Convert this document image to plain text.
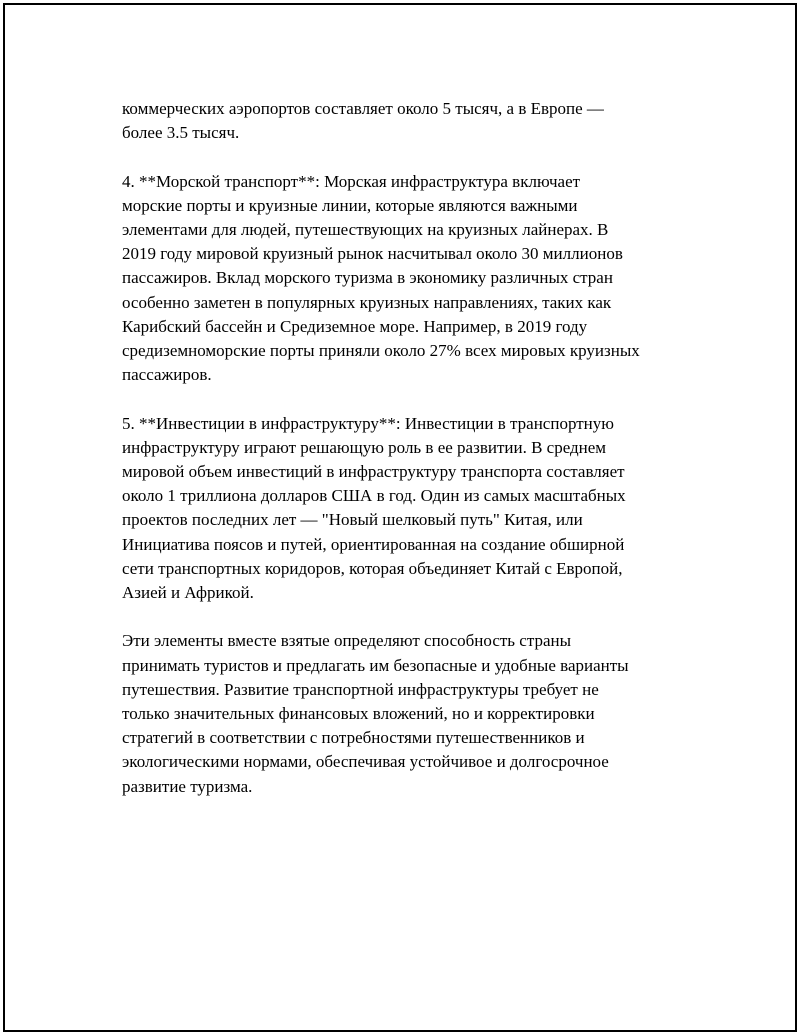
коммерческих аэропортов составляет около 5 тысяч, а в Европе —
более 3.5 тысяч.

4. **Морской транспорт**: Морская инфраструктура включает
морские порты и круизные линии, которые являются важными
элементами для людей, путешествующих на круизных лайнерах. В
2019 году мировой круизный рынок насчитывал около 30 миллионов
пассажиров. Вклад морского туризма в экономику различных стран
особенно заметен в популярных круизных направлениях, таких как
Карибский бассейн и Средиземное море. Например, в 2019 году
средиземноморские порты приняли около 27% всех мировых круизных
пассажиров.

5. **Инвестиции в инфраструктуру**: Инвестиции в транспортную
инфраструктуру играют решающую роль в ее развитии. В среднем
мировой объем инвестиций в инфраструктуру транспорта составляет
около 1 триллиона долларов США в год. Один из самых масштабных
проектов последних лет — "Новый шелковый путь" Китая, или
Инициатива поясов и путей, ориентированная на создание обширной
сети транспортных коридоров, которая объединяет Китай с Европой,
Азией и Африкой.

Эти элементы вместе взятые определяют способность страны
принимать туристов и предлагать им безопасные и удобные варианты
путешествия. Развитие транспортной инфраструктуры требует не
только значительных финансовых вложений, но и корректировки
стратегий в соответствии с потребностями путешественников и
экологическими нормами, обеспечивая устойчивое и долгосрочное
развитие туризма.
